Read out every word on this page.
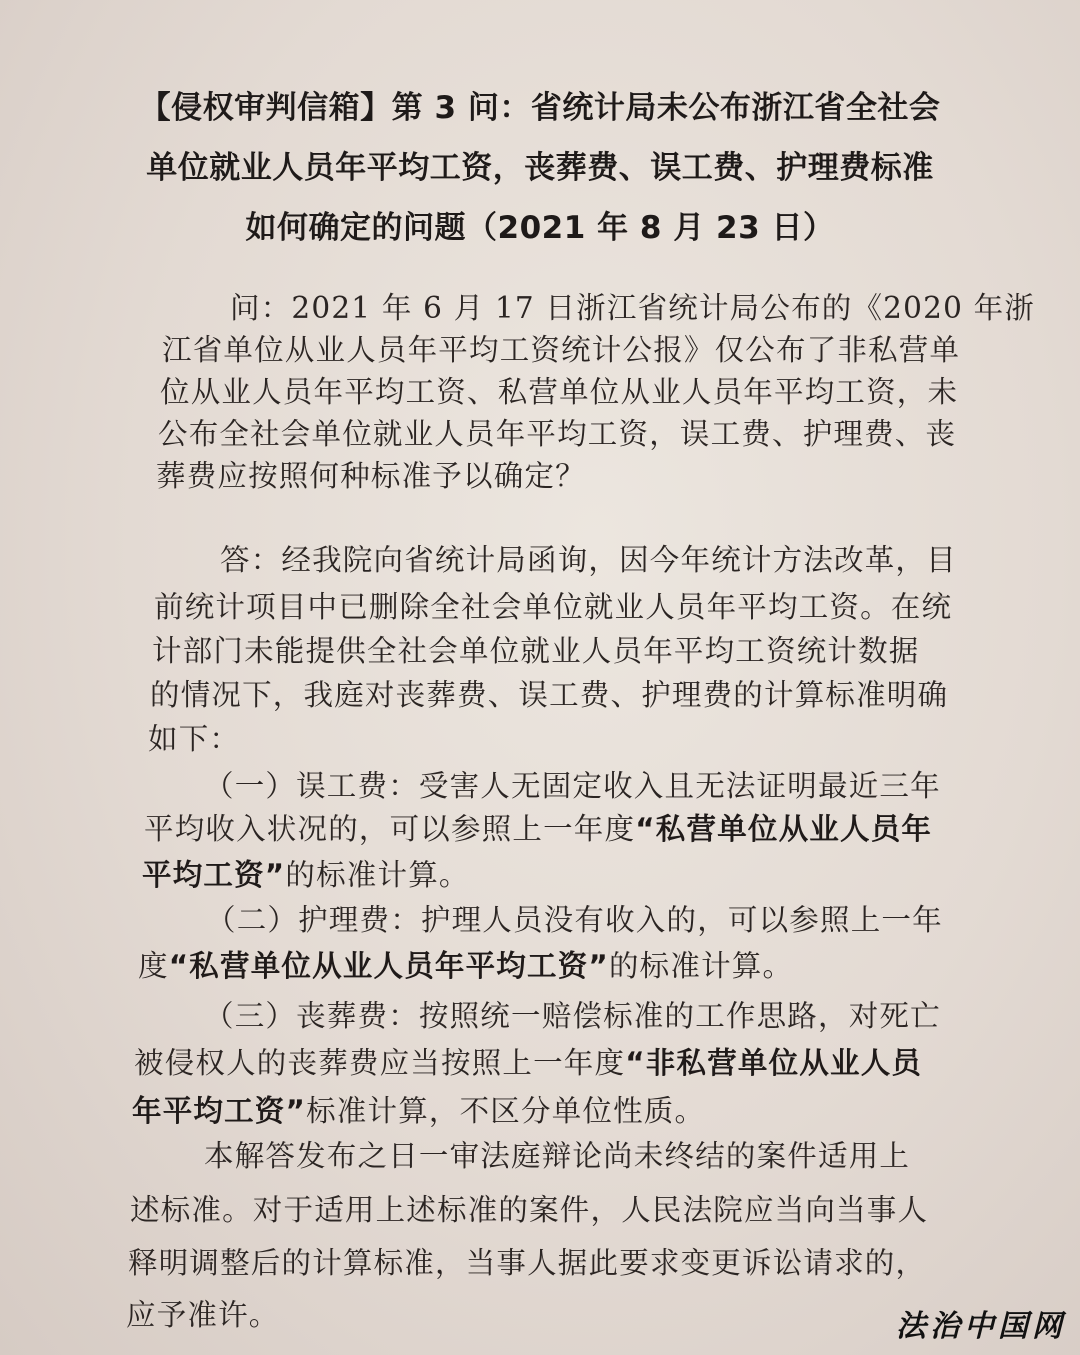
【侵权审判信箱】第 3 问：省统计局未公布浙江省全社会
单位就业人员年平均工资，丧葬费、误工费、护理费标准
如何确定的问题（2021 年 8 月 23 日）
问：2021 年 6 月 17 日浙江省统计局公布的《2020 年浙
江省单位从业人员年平均工资统计公报》仅公布了非私营单
位从业人员年平均工资、私营单位从业人员年平均工资，未
公布全社会单位就业人员年平均工资，误工费、护理费、丧
葬费应按照何种标准予以确定？
答：经我院向省统计局函询，因今年统计方法改革，目
前统计项目中已删除全社会单位就业人员年平均工资。在统
计部门未能提供全社会单位就业人员年平均工资统计数据
的情况下，我庭对丧葬费、误工费、护理费的计算标准明确
如下：
（一）误工费：受害人无固定收入且无法证明最近三年
平均收入状况的，可以参照上一年度“私营单位从业人员年
平均工资”的标准计算。
（二）护理费：护理人员没有收入的，可以参照上一年
度“私营单位从业人员年平均工资”的标准计算。
（三）丧葬费：按照统一赔偿标准的工作思路，对死亡
被侵权人的丧葬费应当按照上一年度“非私营单位从业人员
年平均工资”标准计算，不区分单位性质。
本解答发布之日一审法庭辩论尚未终结的案件适用上
述标准。对于适用上述标准的案件，人民法院应当向当事人
释明调整后的计算标准，当事人据此要求变更诉讼请求的，
应予准许。	法治中国网
